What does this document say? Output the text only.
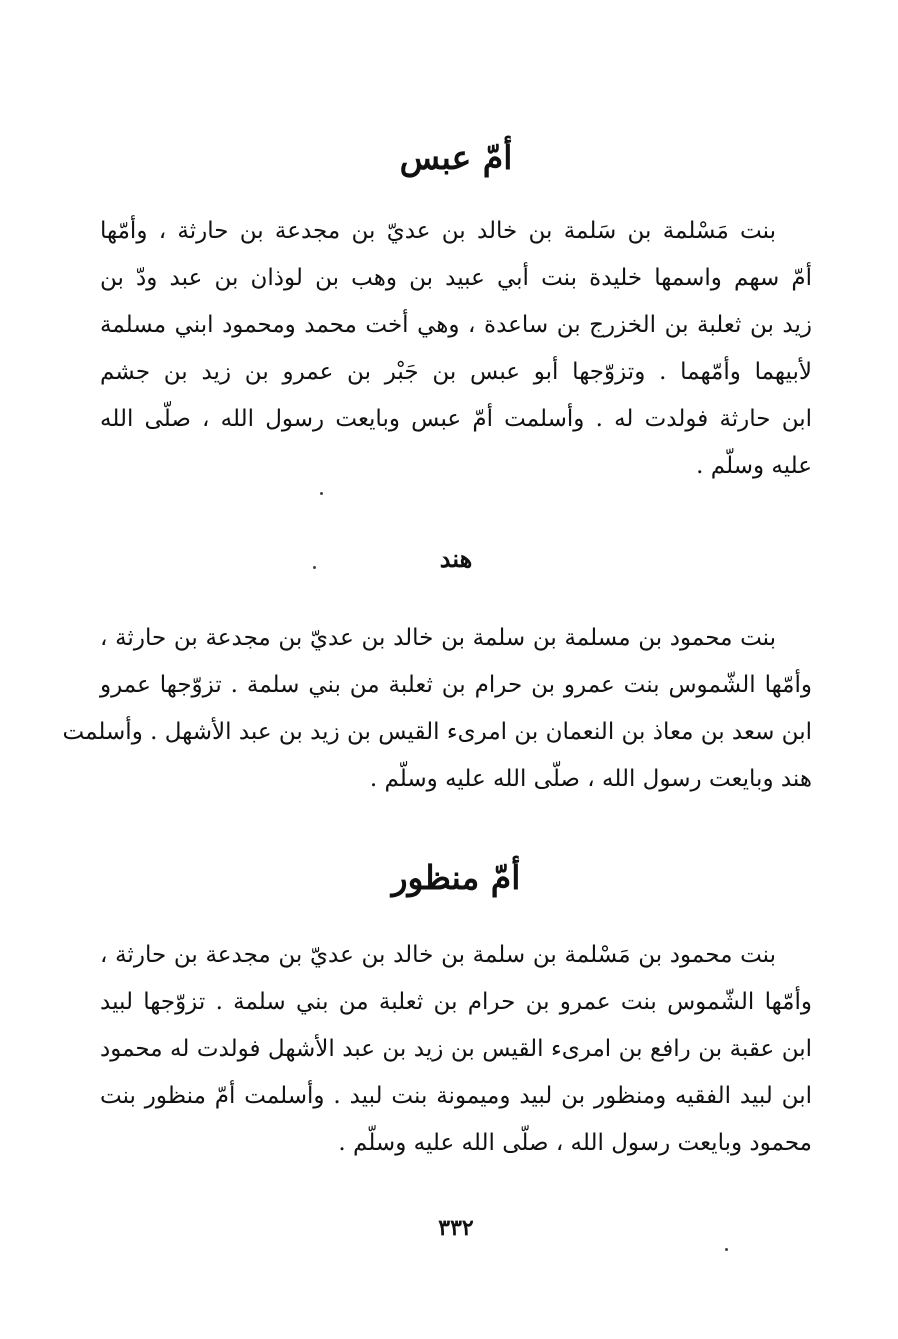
أمّ عبس
بنت مَسْلمة بن سَلمة بن خالد بن عديّ بن مجدعة بن حارثة ، وأمّها
أمّ سهم واسمها خليدة بنت أبي عبيد بن وهب بن لوذان بن عبد ودّ بن
زيد بن ثعلبة بن الخزرج بن ساعدة ، وهي أخت محمد ومحمود ابني مسلمة
لأبيهما وأمّهما . وتزوّجها أبو عبس بن جَبْر بن عمرو بن زيد بن جشم
ابن حارثة فولدت له . وأسلمت أمّ عبس وبايعت رسول الله ، صلّى الله
عليه وسلّم .
هند
بنت محمود بن مسلمة بن سلمة بن خالد بن عديّ بن مجدعة بن حارثة ،
وأمّها الشّموس بنت عمرو بن حرام بن ثعلبة من بني سلمة . تزوّجها عمرو
ابن سعد بن معاذ بن النعمان بن امرىء القيس بن زيد بن عبد الأشهل . وأسلمت
هند وبايعت رسول الله ، صلّى الله عليه وسلّم .
أمّ منظور
بنت محمود بن مَسْلمة بن سلمة بن خالد بن عديّ بن مجدعة بن حارثة ،
وأمّها الشّموس بنت عمرو بن حرام بن ثعلبة من بني سلمة . تزوّجها لبيد
ابن عقبة بن رافع بن امرىء القيس بن زيد بن عبد الأشهل فولدت له محمود
ابن لبيد الفقيه ومنظور بن لبيد وميمونة بنت لبيد . وأسلمت أمّ منظور بنت
محمود وبايعت رسول الله ، صلّى الله عليه وسلّم .
٣٣٢
